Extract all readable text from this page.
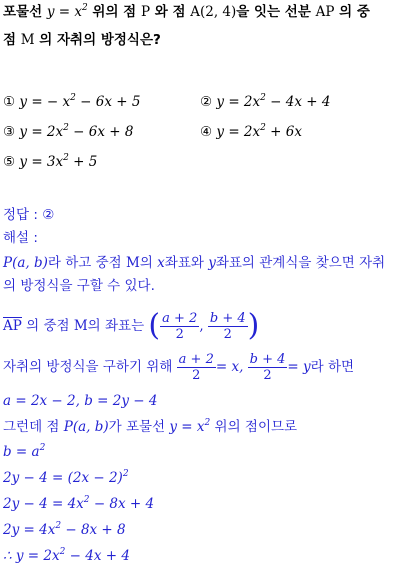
포물선 $y = x^2$ 위의 점 P 와 점 A(2, 4)을 잇는 선분 AP 의 중
점 M 의 자취의 방정식은?
① y = − $x^2 - 6x + 5$	② $y = 2x^2 - 4x + 4$
③ $y = 2x^2 - 6x + 8$	④ $y = 2x^2 + 6x$
⑤ $y = 3x^2 + 5$
정답 : ②
해설 :
P(a, b)라 하고 중점 M의 x좌표와 y좌표의 관계식을 찾으면 자취
의 방정식을 구할 수 있다.
AP 의 중점 M의 좌표는 ( $\frac{a + 2}{2}$ , $\frac{b + 4}{2}$ )
자취의 방정식을 구하기 위해 $\frac{a + 2}{2} = x$, $\frac{b + 4}{2} = y$라 하면
a = 2x − 2, b = 2y − 4
그런데 점 P(a, b)가 포물선 $y = x^2$ 위의 점이므로
$b = a^2$
$2y - 4 = (2x - 2)^2$
$2y - 4 = 4x^2 - 8x + 4$
$2y = 4x^2 - 8x + 8$
∴ $y = 2x^2 - 4x + 4$
